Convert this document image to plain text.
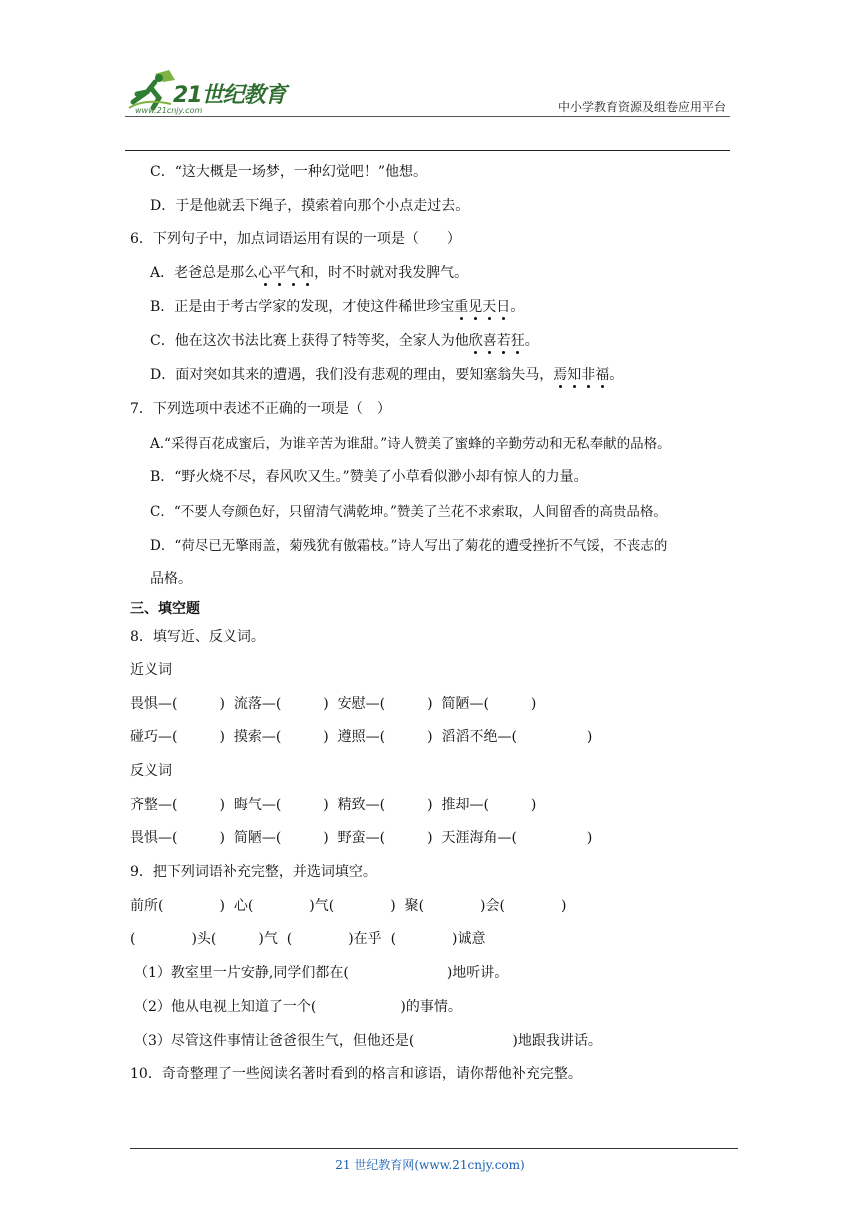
21世纪教育
www.21cnjy.com	中小学教育资源及组卷应用平台
C．“这大概是一场梦，一种幻觉吧！”他想。
D．于是他就丢下绳子，摸索着向那个小点走过去。
6．下列句子中，加点词语运用有误的一项是（　　）
A．老爸总是那么心平气和，时不时就对我发脾气。
B．正是由于考古学家的发现，才使这件稀世珍宝重见天日。
C．他在这次书法比赛上获得了特等奖，全家人为他欣喜若狂。
D．面对突如其来的遭遇，我们没有悲观的理由，要知塞翁失马，焉知非福。
7．下列选项中表述不正确的一项是（　）
A.“采得百花成蜜后，为谁辛苦为谁甜。”诗人赞美了蜜蜂的辛勤劳动和无私奉献的品格。
B．“野火烧不尽，春风吹又生。”赞美了小草看似渺小却有惊人的力量。
C．“不要人夸颜色好，只留清气满乾坤。”赞美了兰花不求索取，人间留香的高贵品格。
D．“荷尽已无擎雨盖，菊残犹有傲霜枝。”诗人写出了菊花的遭受挫折不气馁，不丧志的
品格。
三、填空题
8．填写近、反义词。
近义词
畏惧—(　　　)  流落—(　　　)  安慰—(　　　)  简陋—(　　　)
碰巧—(　　　)  摸索—(　　　)  遵照—(　　　)  滔滔不绝—(　　　　　)
反义词
齐整—(　　　)  晦气—(　　　)  精致—(　　　)  推却—(　　　)
畏惧—(　　　)  简陋—(　　　)  野蛮—(　　　)  天涯海角—(　　　　　)
9．把下列词语补充完整，并选词填空。
前所(　　　　)  心(　　　　)气(　　　　)  聚(　　　　)会(　　　　)
(　　　　)头(　　　)气  (　　　　)在乎  (　　　　)诚意
（1）教室里一片安静,同学们都在(　　　　　　　)地听讲。
（2）他从电视上知道了一个(　　　　　　)的事情。
（3）尽管这件事情让爸爸很生气，但他还是(　　　　　　　)地跟我讲话。
10．奇奇整理了一些阅读名著时看到的格言和谚语，请你帮他补充完整。
21 世纪教育网(www.21cnjy.com)
